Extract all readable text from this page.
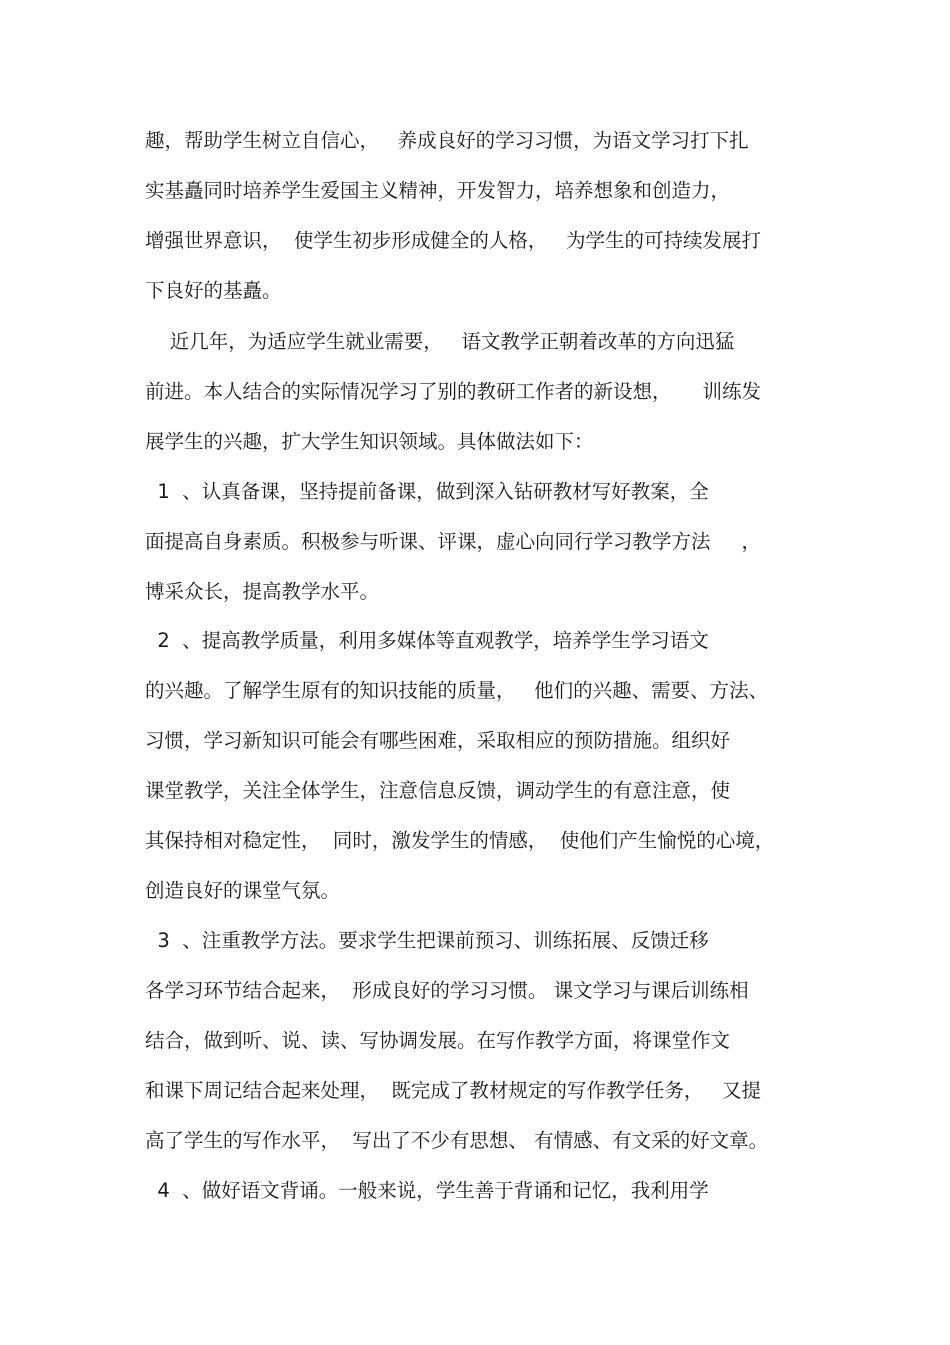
趣，帮助学生树立自信心，   养成良好的学习习惯，为语文学习打下扎
实基矗同时培养学生爱国主义精神，开发智力，培养想象和创造力，
增强世界意识，  使学生初步形成健全的人格，   为学生的可持续发展打
下良好的基矗。
近几年，为适应学生就业需要，   语文教学正朝着改革的方向迅猛
前进。本人结合的实际情况学习了别的教研工作者的新设想，     训练发
展学生的兴趣，扩大学生知识领域。具体做法如下：
1  、认真备课，坚持提前备课，做到深入钻研教材写好教案，全
面提高自身素质。积极参与听课、评课，虚心向同行学习教学方法     ，
博采众长，提高教学水平。
2  、提高教学质量，利用多媒体等直观教学，培养学生学习语文
的兴趣。了解学生原有的知识技能的质量，   他们的兴趣、需要、方法、
习惯，学习新知识可能会有哪些困难，采取相应的预防措施。组织好
课堂教学，关注全体学生，注意信息反馈，调动学生的有意注意，使
其保持相对稳定性，  同时，激发学生的情感，  使他们产生愉悦的心境，
创造良好的课堂气氛。
3  、注重教学方法。要求学生把课前预习、训练拓展、反馈迁移
各学习环节结合起来，  形成良好的学习习惯。 课文学习与课后训练相
结合，做到听、说、读、写协调发展。在写作教学方面，将课堂作文
和课下周记结合起来处理，  既完成了教材规定的写作教学任务，   又提
高了学生的写作水平，  写出了不少有思想、 有情感、有文采的好文章。
4  、做好语文背诵。一般来说，学生善于背诵和记忆，我利用学
